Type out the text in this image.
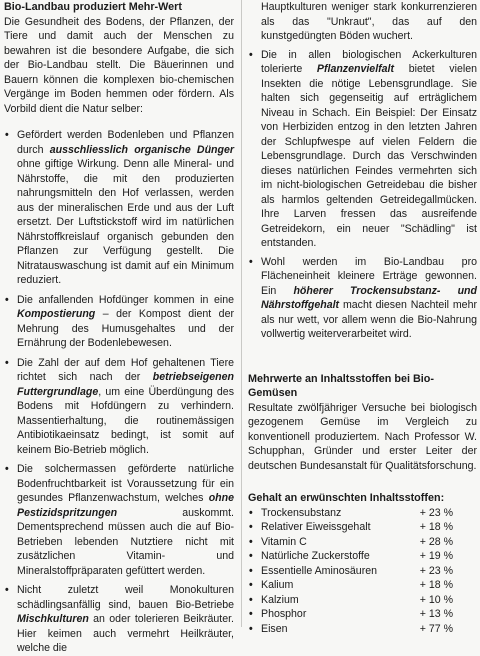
Bio-Landbau produziert Mehr-Wert

Die Gesundheit des Bodens, der Pflanzen, der Tiere und damit auch der Menschen zu bewahren ist die besondere Aufgabe, die sich der Bio-Landbau stellt. Die Bäuerinnen und Bauern können die komplexen bio-chemischen Vergänge im Boden hemmen oder fördern. Als Vorbild dient die Natur selber:

• Gefördert werden Bodenleben und Pflanzen durch ausschliesslich organische Dünger ohne giftige Wirkung. Denn alle Mineral- und Nährstoffe, die mit den produzierten nahrungsmitteln den Hof verlassen, werden aus der mineralischen Erde und aus der Luft ersetzt. Der Luftstickstoff wird im natürlichen Nährstoffkreislauf organisch gebunden den Pflanzen zur Verfügung gestellt. Die Nitratauswaschung ist damit auf ein Minimum reduziert.
• Die anfallenden Hofdünger kommen in eine Kompostierung – der Kompost dient der Mehrung des Humusgehaltes und der Ernährung der Bodenlebewesen.
• Die Zahl der auf dem Hof gehaltenen Tiere richtet sich nach der betriebseigenen Futtergrundlage, um eine Überdüngung des Bodens mit Hofdüngern zu verhindern. Massentierhaltung, die routinemässigen Antibiotikaeinsatz bedingt, ist somit auf keinem Bio-Betrieb möglich.
• Die solchermassen geförderte natürliche Bodenfruchtbarkeit ist Voraussetzung für ein gesundes Pflanzenwachstum, welches ohne Pestizidspritzungen auskommt. Dementsprechend müssen auch die auf Bio-Betrieben lebenden Nutztiere nicht mit zusätzlichen Vitamin- und Mineralstoffpräparaten gefüttert werden.
• Nicht zuletzt weil Monokulturen schädlingsanfällig sind, bauen Bio-Betriebe Mischkulturen an oder tolerieren Beikräuter. Hier keimen auch vermehrt Heilkräuter, welche die

Hauptkulturen weniger stark konkurrenzieren als das "Unkraut", das auf den kunstgedüngten Böden wuchert.

• Die in allen biologischen Ackerkulturen tolerierte Pflanzenvielfalt bietet vielen Insekten die nötige Lebensgrundlage. Sie halten sich gegenseitig auf erträglichem Niveau in Schach. Ein Beispiel: Der Einsatz von Herbiziden entzog in den letzten Jahren der Schlupfwespe auf vielen Feldern die Lebensgrundlage. Durch das Verschwinden dieses natürlichen Feindes vermehrten sich im nicht-biologischen Getreidebau die bisher als harmlos geltenden Getreidegallmücken. Ihre Larven fressen das ausreifende Getreidekorn, ein neuer "Schädling" ist entstanden.
• Wohl werden im Bio-Landbau pro Flächeneinheit kleinere Erträge gewonnen. Ein höherer Trockensubstanz- und Nährstoffgehalt macht diesen Nachteil mehr als nur wett, vor allem wenn die Bio-Nahrung vollwertig weiterverarbeitet wird.
Mehrwerte an Inhaltsstoffen bei Bio-Gemüsen

Resultate zwölfjähriger Versuche bei biologisch gezogenem Gemüse im Vergleich zu konventionell produziertem. Nach Professor W. Schupphan, Gründer und erster Leiter der deutschen Bundesanstalt für Qualitätsforschung.

Gehalt an erwünschten Inhaltsstoffen:
• Trockensubstanz	+ 23 %
• Relativer Eiweissgehalt	+ 18 %
• Vitamin C	+ 28 %
• Natürliche Zuckerstoffe	+ 19 %
• Essentielle Aminosäuren	+ 23 %
• Kalium	+ 18 %
• Kalzium	+ 10 %
• Phosphor	+ 13 %
• Eisen	+ 77 %
